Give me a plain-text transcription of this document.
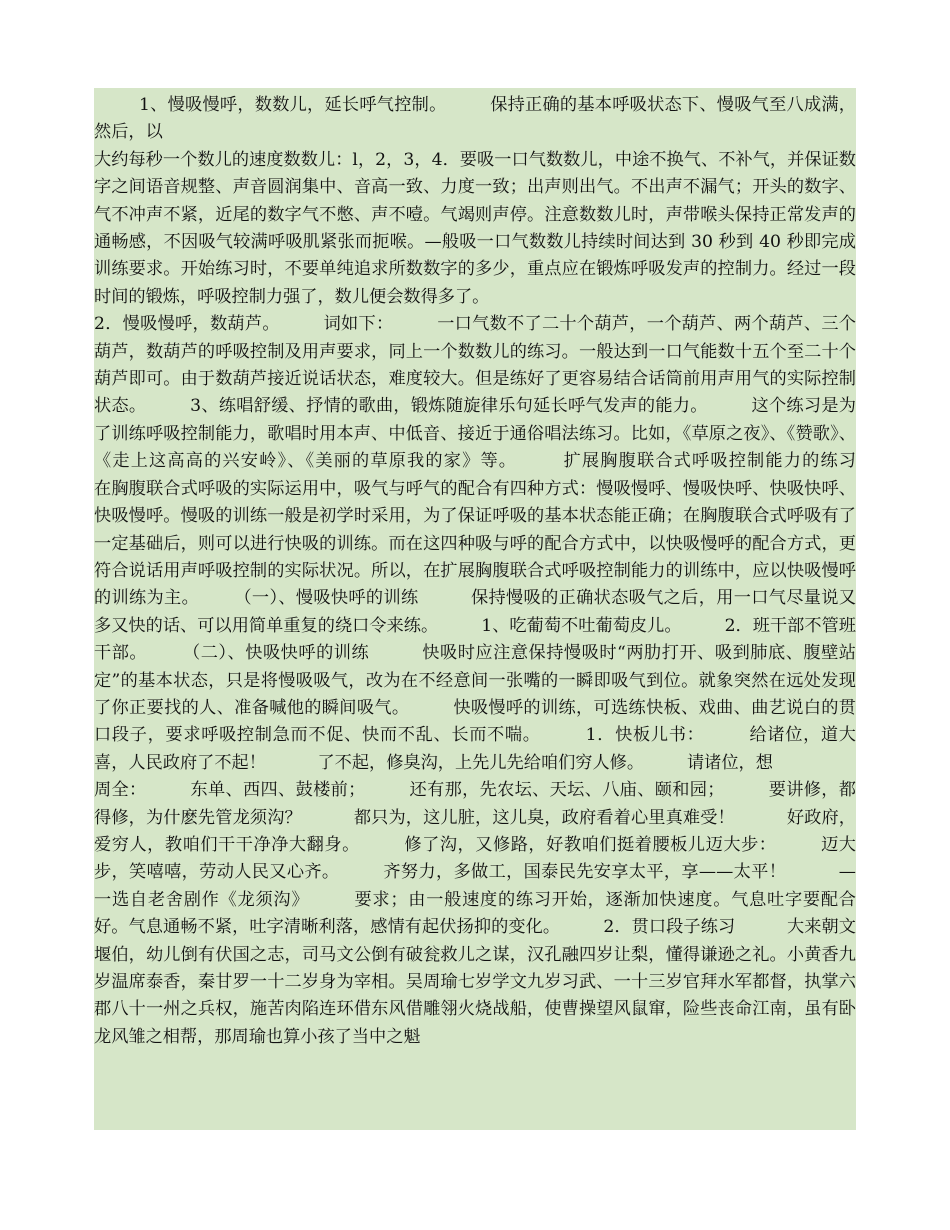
1、慢吸慢呼，数数儿，延长呼气控制。　　　保持正确的基本呼吸状态下、慢吸气至八成满，然后，以

大约每秒一个数儿的速度数数儿：l，2，3，4．要吸一口气数数儿，中途不换气、不补气，并保证数字之间语音规整、声音圆润集中、音高一致、力度一致；出声则出气。不出声不漏气；开头的数字、气不冲声不紧，近尾的数字气不憋、声不噎。气竭则声停。注意数数儿时，声带喉头保持正常发声的通畅感，不因吸气较满呼吸肌紧张而扼喉。—般吸一口气数数儿持续时间达到 30 秒到 40 秒即完成训练要求。开始练习时，不要单纯追求所数数字的多少，重点应在锻炼呼吸发声的控制力。经过一段时间的锻炼，呼吸控制力强了，数儿便会数得多了。

2．慢吸慢呼，数葫芦。　　　词如下：　　　一口气数不了二十个葫芦，一个葫芦、两个葫芦、三个葫芦，数葫芦的呼吸控制及用声要求，同上一个数数儿的练习。一般达到一口气能数十五个至二十个葫芦即可。由于数葫芦接近说话状态，难度较大。但是练好了更容易结合话筒前用声用气的实际控制状态。　　　3、练唱舒缓、抒情的歌曲，锻炼随旋律乐句延长呼气发声的能力。　　　这个练习是为了训练呼吸控制能力，歌唱时用本声、中低音、接近于通俗唱法练习。比如，《草原之夜》、《赞歌》、《走上这高高的兴安岭》、《美丽的草原我的家》等。　　　扩展胸腹联合式呼吸控制能力的练习　　　在胸腹联合式呼吸的实际运用中，吸气与呼气的配合有四种方式：慢吸慢呼、慢吸快呼、快吸快呼、快吸慢呼。慢吸的训练一般是初学时采用，为了保证呼吸的基本状态能正确；在胸腹联合式呼吸有了一定基础后，则可以进行快吸的训练。而在这四种吸与呼的配合方式中，以快吸慢呼的配合方式，更符合说话用声呼吸控制的实际状况。所以，在扩展胸腹联合式呼吸控制能力的训练中，应以快吸慢呼的训练为主。　　　（一）、慢吸快呼的训练　　　保持慢吸的正确状态吸气之后，用一口气尽量说又多又快的话、可以用简单重复的绕口令来练。　　　1、吃葡萄不吐葡萄皮儿。　　　2．班干部不管班干部。　　　（二）、快吸快呼的训练　　　快吸时应注意保持慢吸时“两肋打开、吸到肺底、腹壁站定”的基本状态，只是将慢吸吸气，改为在不经意间一张嘴的一瞬即吸气到位。就象突然在远处发现了你正要找的人、准备喊他的瞬间吸气。　　　快吸慢呼的训练，可选练快板、戏曲、曲艺说白的贯口段子，要求呼吸控制急而不促、快而不乱、长而不喘。　　　1．快板儿书：　　　给诸位，道大喜，人民政府了不起！　　　了不起，修臭沟，上先儿先给咱们穷人修。　　　请诸位，想

周全：　　　东单、西四、鼓楼前；　　　还有那，先农坛、天坛、八庙、颐和园；　　　要讲修，都得修，为什麽先管龙须沟？　　　都只为，这儿脏，这儿臭，政府看着心里真难受！　　　好政府，爱穷人，教咱们干干净净大翻身。　　　修了沟，又修路，好教咱们挺着腰板儿迈大步：　　　迈大步，笑嘻嘻，劳动人民又心齐。　　　齐努力，多做工，国泰民先安享太平，享——太平！　　　—一选自老舍剧作《龙须沟》　　　要求；由一般速度的练习开始，逐渐加快速度。气息吐字要配合好。气息通畅不紧，吐字清晰利落，感情有起伏扬抑的变化。　　　2．贯口段子练习　　　大来朝文堰伯，幼儿倒有伏国之志，司马文公倒有破瓮救儿之谋，汉孔融四岁让梨，懂得谦逊之礼。小黄香九岁温席泰香，秦甘罗一十二岁身为宰相。吴周瑜七岁学文九岁习武、一十三岁官拜水军都督，执掌六郡八十一州之兵权，施苦肉陷连环借东风借雕翎火烧战船，使曹操望风鼠窜，险些丧命江南，虽有卧龙风雏之相帮，那周瑜也算小孩了当中之魁
